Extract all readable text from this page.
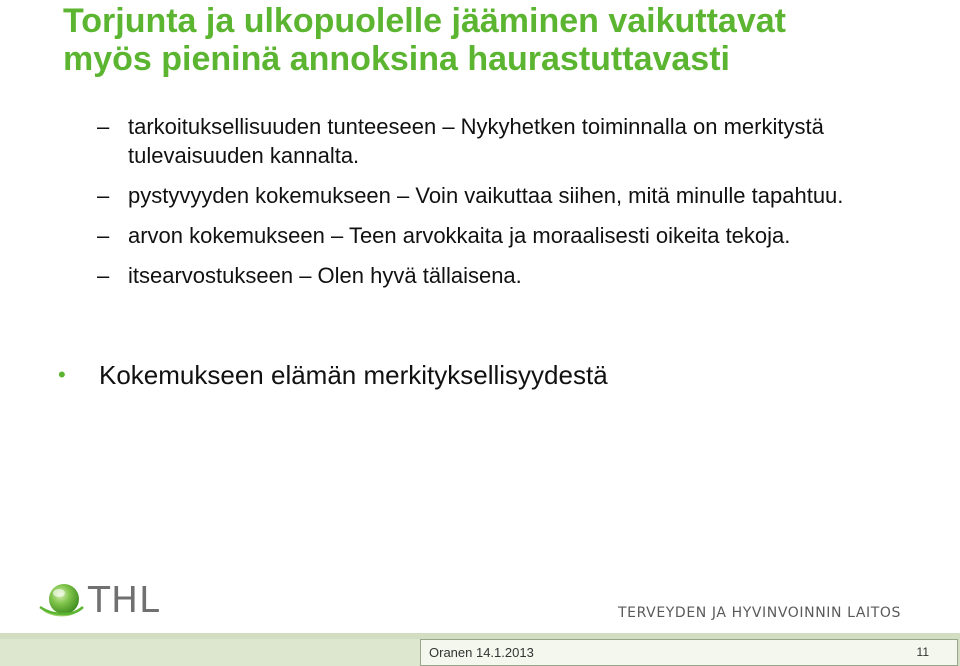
Torjunta ja ulkopuolelle jääminen vaikuttavat
myös pieninä annoksina haurastuttavasti
– tarkoituksellisuuden tunteeseen – Nykyhetken toiminnalla on merkitystä tulevaisuuden kannalta.
– pystyvyyden kokemukseen – Voin vaikuttaa siihen, mitä minulle tapahtuu.
– arvon kokemukseen – Teen arvokkaita ja moraalisesti oikeita tekoja.
– itsearvostukseen – Olen hyvä tällaisena.
•	Kokemukseen elämän merkityksellisyydestä
THL	TERVEYDEN JA HYVINVOINNIN LAITOS
Oranen 14.1.2013	11
